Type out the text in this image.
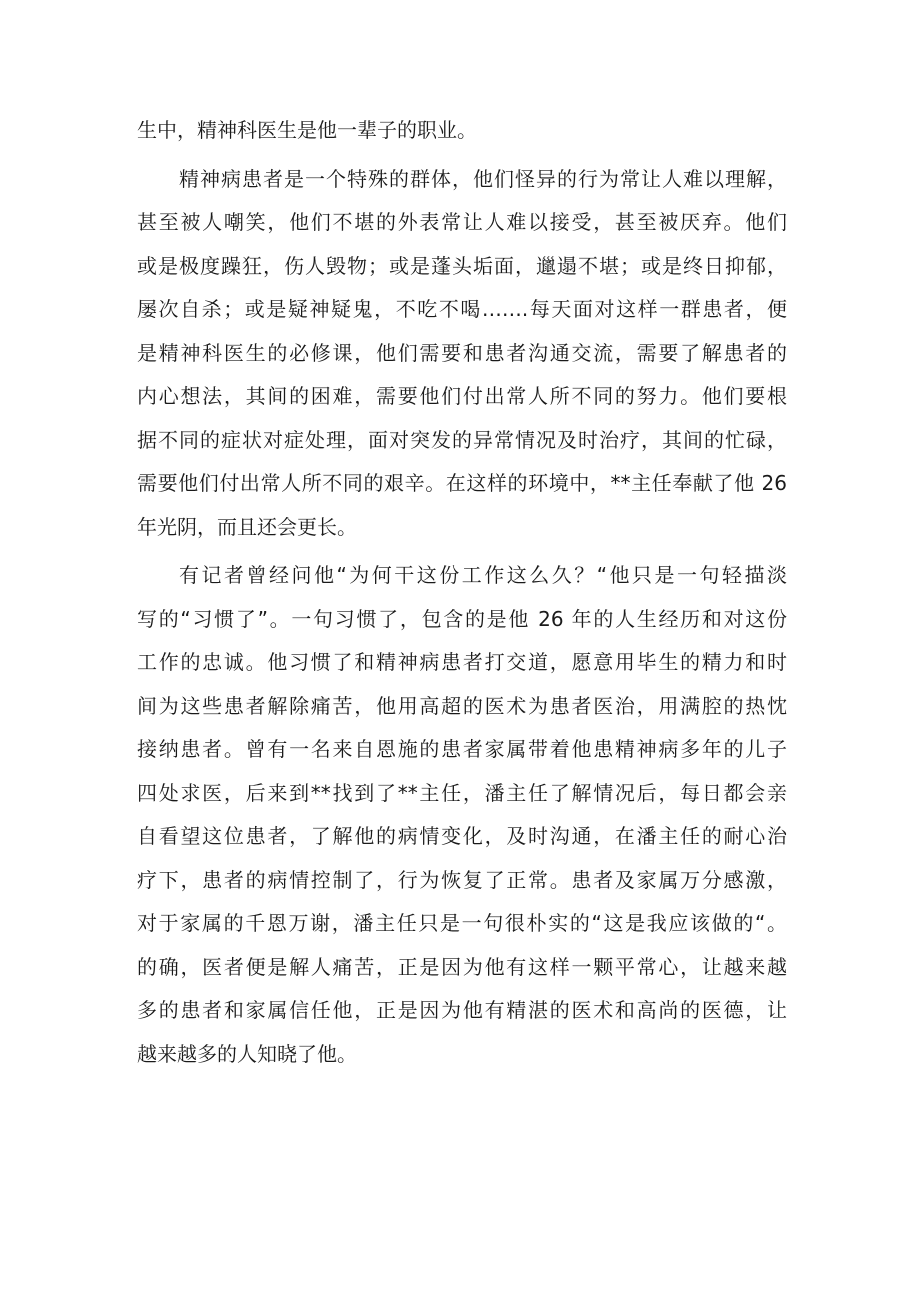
生中，精神科医生是他一辈子的职业。
精神病患者是一个特殊的群体，他们怪异的行为常让人难以理解，
甚至被人嘲笑，他们不堪的外表常让人难以接受，甚至被厌弃。他们
或是极度躁狂，伤人毁物；或是蓬头垢面，邋遢不堪；或是终日抑郁，
屡次自杀；或是疑神疑鬼，不吃不喝…….每天面对这样一群患者，便
是精神科医生的必修课，他们需要和患者沟通交流，需要了解患者的
内心想法，其间的困难，需要他们付出常人所不同的努力。他们要根
据不同的症状对症处理，面对突发的异常情况及时治疗，其间的忙碌，
需要他们付出常人所不同的艰辛。在这样的环境中，**主任奉献了他 26
年光阴，而且还会更长。
有记者曾经问他“为何干这份工作这么久？“他只是一句轻描淡
写的“习惯了”。一句习惯了，包含的是他 26 年的人生经历和对这份
工作的忠诚。他习惯了和精神病患者打交道，愿意用毕生的精力和时
间为这些患者解除痛苦，他用高超的医术为患者医治，用满腔的热忱
接纳患者。曾有一名来自恩施的患者家属带着他患精神病多年的儿子
四处求医，后来到**找到了**主任，潘主任了解情况后，每日都会亲
自看望这位患者，了解他的病情变化，及时沟通，在潘主任的耐心治
疗下，患者的病情控制了，行为恢复了正常。患者及家属万分感激，
对于家属的千恩万谢，潘主任只是一句很朴实的“这是我应该做的“。
的确，医者便是解人痛苦，正是因为他有这样一颗平常心，让越来越
多的患者和家属信任他，正是因为他有精湛的医术和高尚的医德，让
越来越多的人知晓了他。
